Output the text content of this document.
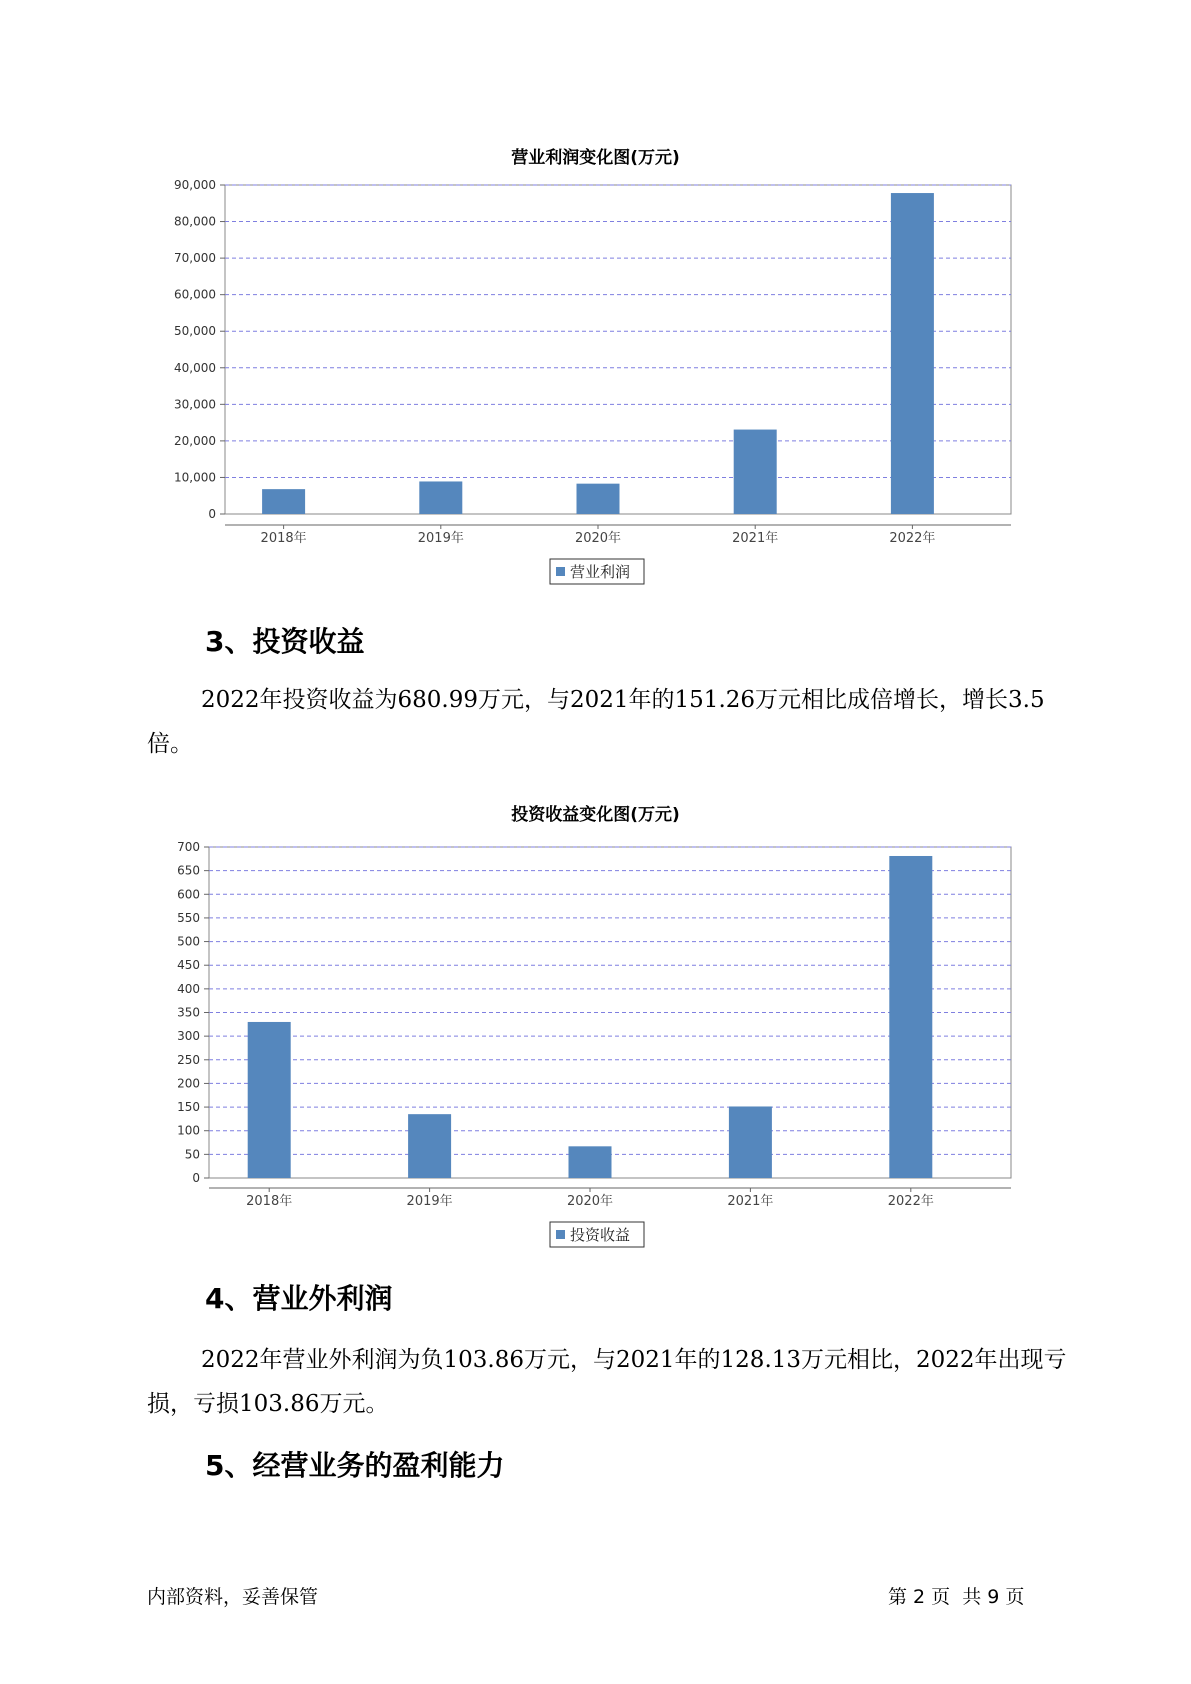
营业利润变化图(万元)
0
10,000
20,000
30,000
40,000
50,000
60,000
70,000
80,000
90,000
2018年	2019年	2020年	2021年	2022年
营业利润
3、投资收益
2022年投资收益为680.99万元，与2021年的151.26万元相比成倍增长，增长3.5倍。
投资收益变化图(万元)
0
50
100
150
200
250
300
350
400
450
500
550
600
650
700
2018年	2019年	2020年	2021年	2022年
投资收益
4、营业外利润
2022年营业外利润为负103.86万元，与2021年的128.13万元相比，2022年出现亏损，亏损103.86万元。
5、经营业务的盈利能力
内部资料，妥善保管	第 2 页  共 9 页
